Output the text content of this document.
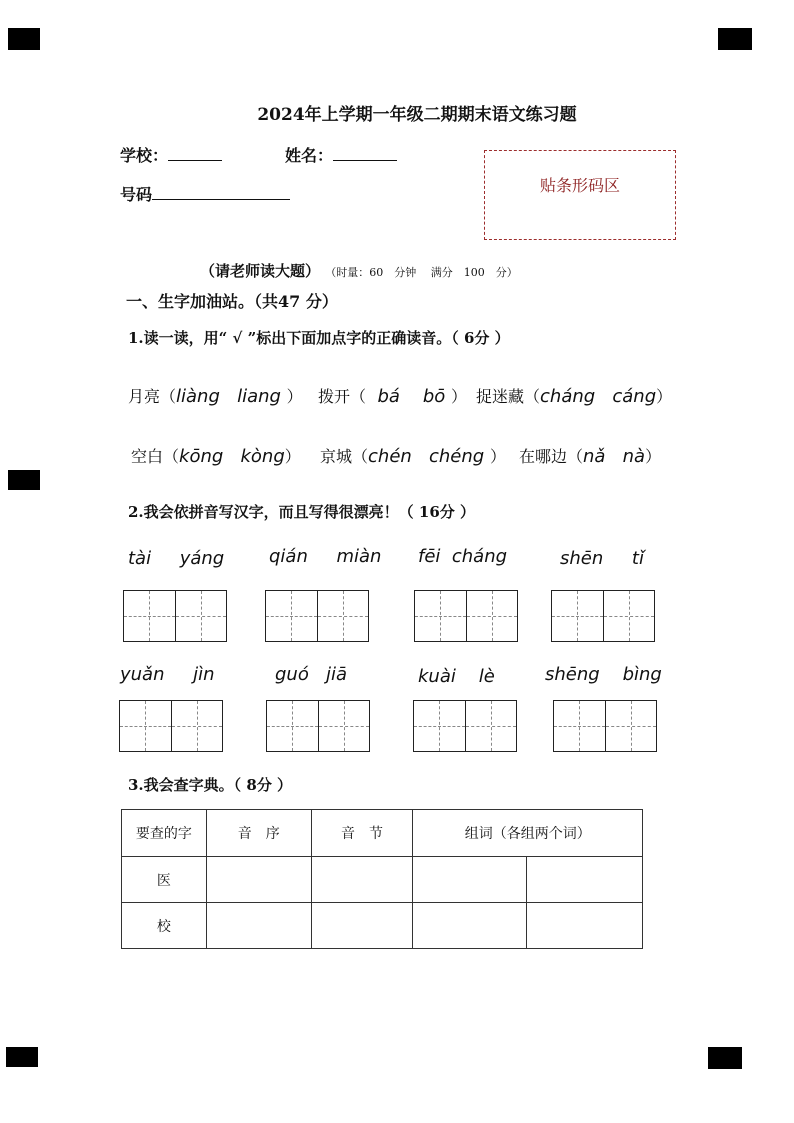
2024年上学期一年级二期期末语文练习题
学校：	姓名：
号码	贴条形码区
（请老师读大题） （时量：60　分钟　 满分　100　分）
一、生字加油站。（共47 分）
1.读一读，用“ √ ”标出下面加点字的正确读音。（ 6分 ）
月亮（liàng liang ） 拨开（ bá bō ） 捉迷藏（cháng cáng）
空白（kōng kòng） 京城（chén chéng ） 在哪边（nǎ nà）
2.我会依拼音写汉字，而且写得很漂亮！（ 16分 ）
tài yáng qián miàn fēi cháng	shēn tǐ
yuǎn jìn	guó jiā	kuài lè	shēng bìng
3.我会查字典。（ 8分 ）
要查的字	音　序	音　节	组词（各组两个词）	
医				
校				
